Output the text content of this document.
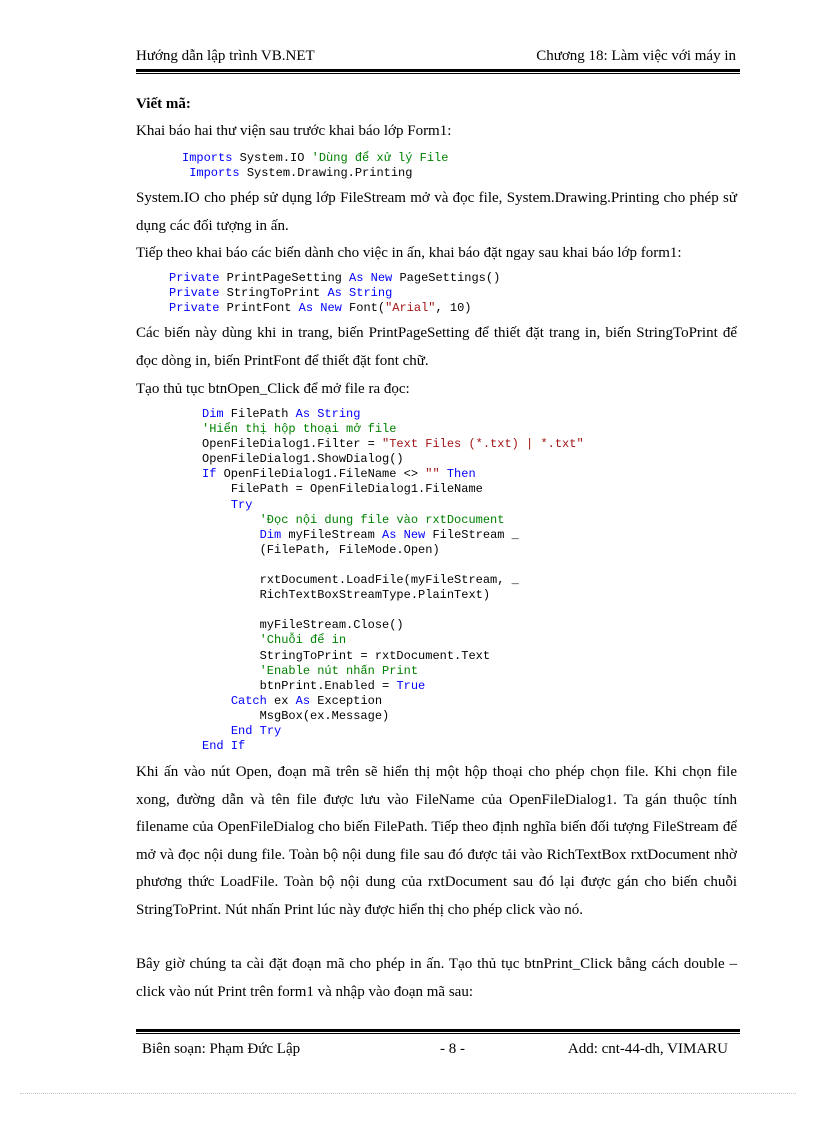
Hướng dẫn lập trình VB.NET	Chương 18: Làm việc với máy in
Viết mã:
Khai báo hai thư viện sau trước khai báo lớp Form1:
Imports System.IO 'Dùng để xử lý File
Imports System.Drawing.Printing
System.IO cho phép sử dụng lớp FileStream mở và đọc file, System.Drawing.Printing cho phép sử dụng các đối tượng in ấn.
Tiếp theo khai báo các biến dành cho việc in ấn, khai báo đặt ngay sau khai báo lớp form1:
Private PrintPageSetting As New PageSettings()
Private StringToPrint As String
Private PrintFont As New Font("Arial", 10)
Các biến này dùng khi in trang, biến PrintPageSetting để thiết đặt trang in, biến StringToPrint để đọc dòng in, biến PrintFont để thiết đặt font chữ.
Tạo thủ tục btnOpen_Click để mở file ra đọc:
Dim FilePath As String
'Hiển thị hộp thoại mở file
OpenFileDialog1.Filter = "Text Files (*.txt) | *.txt"
OpenFileDialog1.ShowDialog()
If OpenFileDialog1.FileName <> "" Then
FilePath = OpenFileDialog1.FileName
Try
'Đọc nội dung file vào rxtDocument
Dim myFileStream As New FileStream _
(FilePath, FileMode.Open)

rxtDocument.LoadFile(myFileStream, _
RichTextBoxStreamType.PlainText)

myFileStream.Close()
'Chuỗi để in
StringToPrint = rxtDocument.Text
'Enable nút nhấn Print
btnPrint.Enabled = True
Catch ex As Exception
MsgBox(ex.Message)
End Try
End If
Khi ấn vào nút Open, đoạn mã trên sẽ hiển thị một hộp thoại cho phép chọn file. Khi chọn file xong, đường dẫn và tên file được lưu vào FileName của OpenFileDialog1. Ta gán thuộc tính filename của OpenFileDialog cho biến FilePath. Tiếp theo định nghĩa biến đối tượng FileStream để mở và đọc nội dung file. Toàn bộ nội dung file sau đó được tải vào RichTextBox rxtDocument nhờ phương thức LoadFile. Toàn bộ nội dung của rxtDocument sau đó lại được gán cho biến chuỗi StringToPrint. Nút nhấn Print lúc này được hiển thị cho phép click vào nó.
Bây giờ chúng ta cài đặt đoạn mã cho phép in ấn. Tạo thủ tục btnPrint_Click bằng cách double – click vào nút Print trên form1 và nhập vào đoạn mã sau:
Biên soạn: Phạm Đức Lập	- 8 -	Add: cnt-44-dh, VIMARU
